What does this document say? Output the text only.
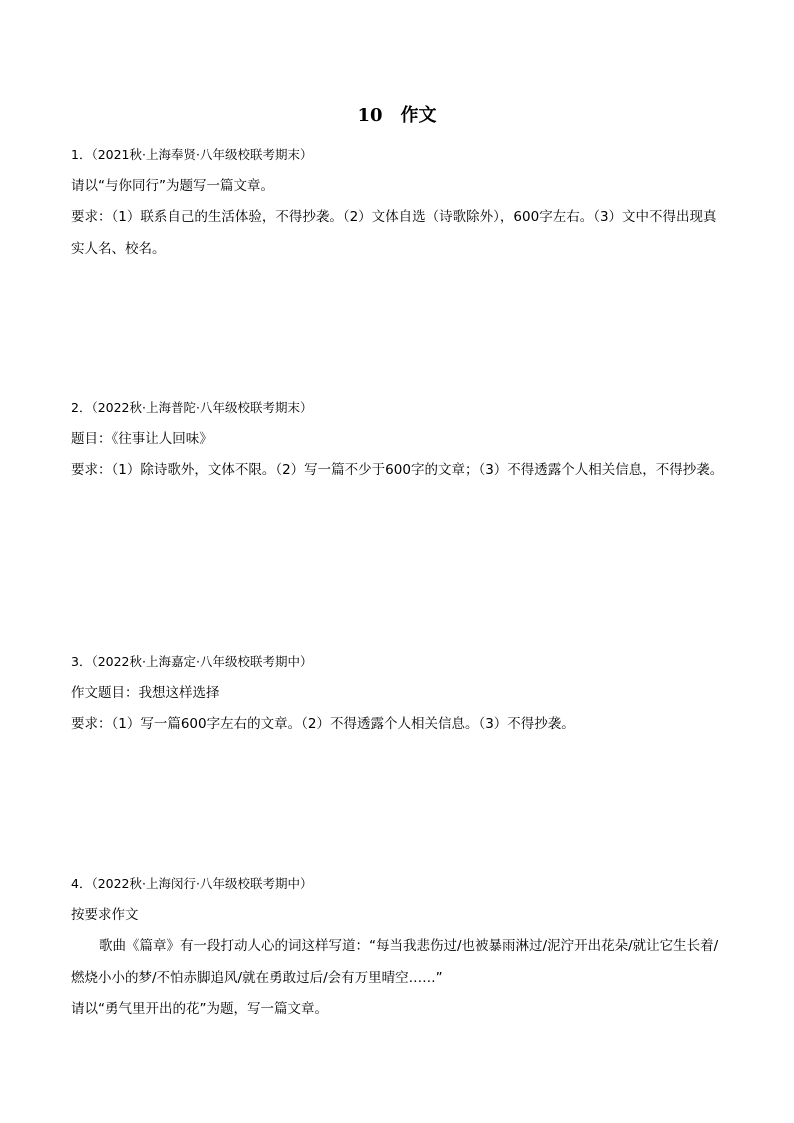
10　作文
1．（2021秋·上海奉贤·八年级校联考期末）
请以“与你同行”为题写一篇文章。
要求：（1）联系自己的生活体验，不得抄袭。（2）文体自选（诗歌除外），600字左右。（3）文中不得出现真实人名、校名。
2．（2022秋·上海普陀·八年级校联考期末）
题目：《往事让人回味》
要求：（1）除诗歌外，文体不限。（2）写一篇不少于600字的文章；（3）不得透露个人相关信息，不得抄袭。
3．（2022秋·上海嘉定·八年级校联考期中）
作文题目：我想这样选择
要求：（1）写一篇600字左右的文章。（2）不得透露个人相关信息。（3）不得抄袭。
4．（2022秋·上海闵行·八年级校联考期中）
按要求作文
歌曲《篇章》有一段打动人心的词这样写道：“每当我悲伤过/也被暴雨淋过/泥泞开出花朵/就让它生长着/燃烧小小的梦/不怕赤脚追风/就在勇敢过后/会有万里晴空……”
请以“勇气里开出的花”为题，写一篇文章。
